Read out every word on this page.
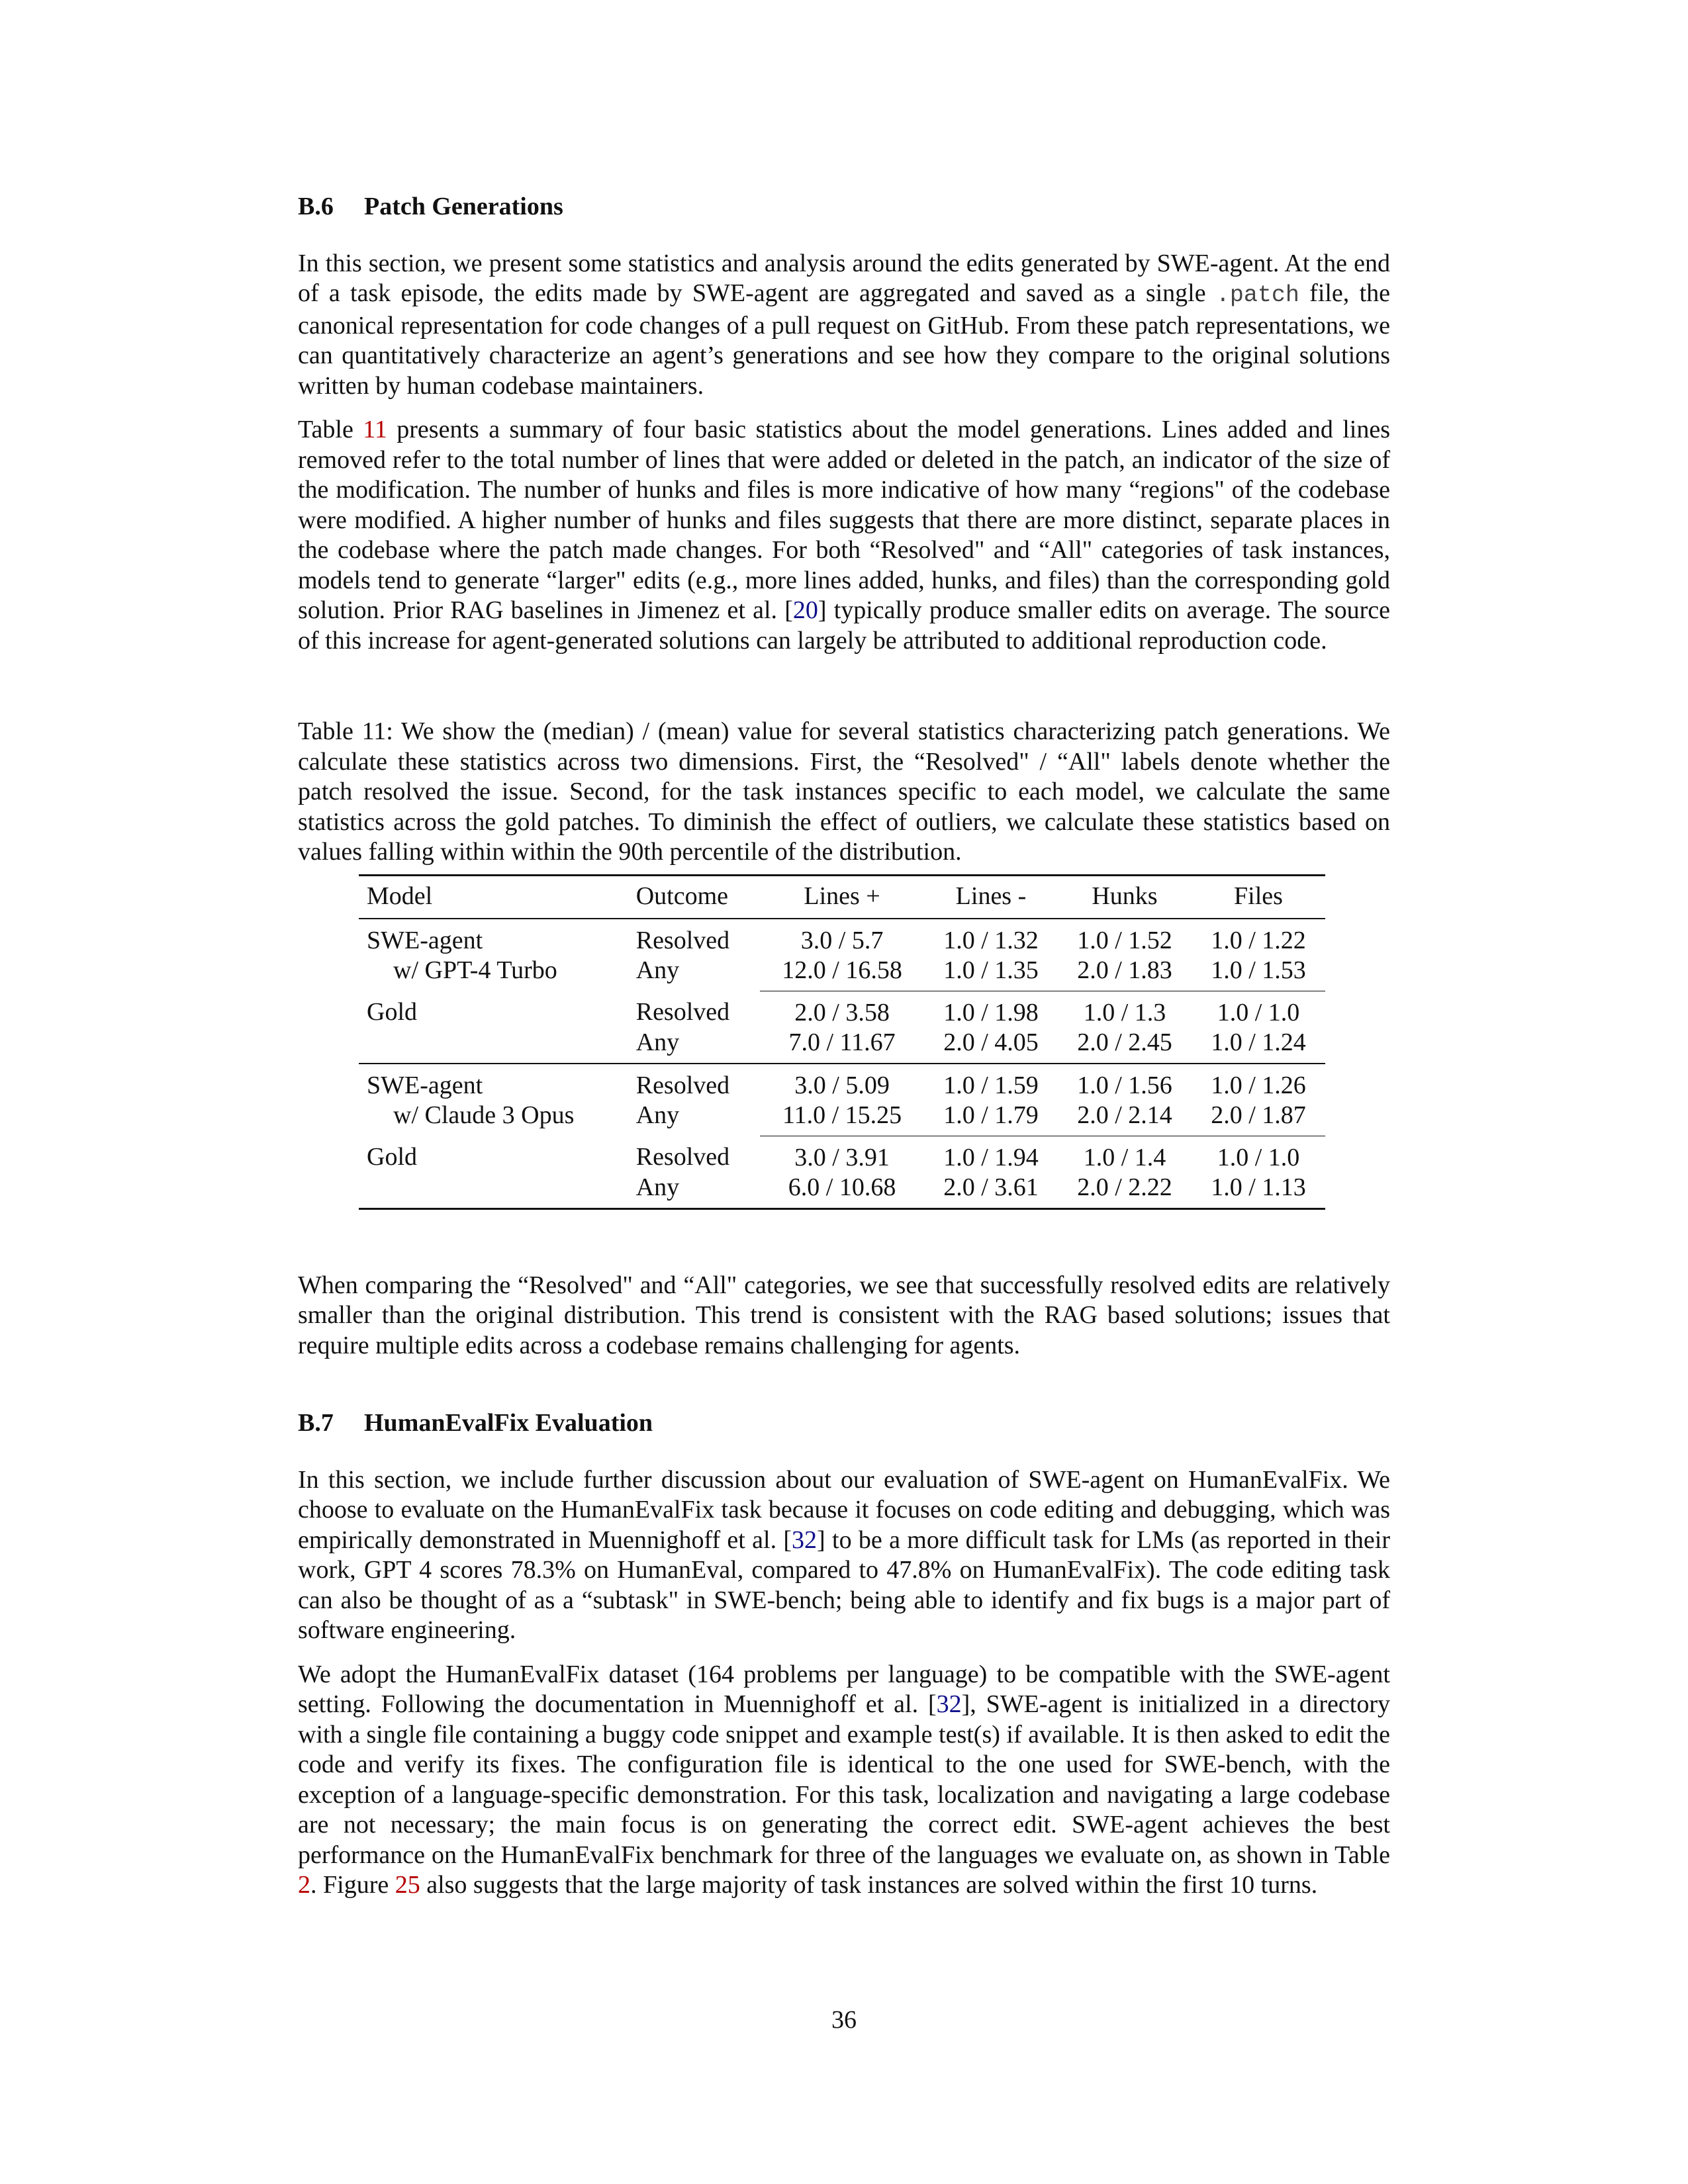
B.6	Patch Generations

In this section, we present some statistics and analysis around the edits generated by SWE-agent. At the end of a task episode, the edits made by SWE-agent are aggregated and saved as a single .patch file, the canonical representation for code changes of a pull request on GitHub. From these patch representations, we can quantitatively characterize an agent’s generations and see how they compare to the original solutions written by human codebase maintainers.

Table 11 presents a summary of four basic statistics about the model generations. Lines added and lines removed refer to the total number of lines that were added or deleted in the patch, an indicator of the size of the modification. The number of hunks and files is more indicative of how many “regions" of the codebase were modified. A higher number of hunks and files suggests that there are more distinct, separate places in the codebase where the patch made changes. For both “Resolved" and “All" categories of task instances, models tend to generate “larger" edits (e.g., more lines added, hunks, and files) than the corresponding gold solution. Prior RAG baselines in Jimenez et al. [20] typically produce smaller edits on average. The source of this increase for agent-generated solutions can largely be attributed to additional reproduction code.

Table 11: We show the (median) / (mean) value for several statistics characterizing patch generations. We calculate these statistics across two dimensions. First, the “Resolved" / “All" labels denote whether the patch resolved the issue. Second, for the task instances specific to each model, we calculate the same statistics across the gold patches. To diminish the effect of outliers, we calculate these statistics based on values falling within within the 90th percentile of the distribution.

Model	Outcome	Lines +	Lines -	Hunks	Files
SWE-agent	Resolved	3.0 / 5.7	1.0 / 1.32	1.0 / 1.52	1.0 / 1.22
w/ GPT-4 Turbo	Any	12.0 / 16.58	1.0 / 1.35	2.0 / 1.83	1.0 / 1.53
Gold	Resolved	2.0 / 3.58	1.0 / 1.98	1.0 / 1.3	1.0 / 1.0
	Any	7.0 / 11.67	2.0 / 4.05	2.0 / 2.45	1.0 / 1.24
SWE-agent	Resolved	3.0 / 5.09	1.0 / 1.59	1.0 / 1.56	1.0 / 1.26
w/ Claude 3 Opus	Any	11.0 / 15.25	1.0 / 1.79	2.0 / 2.14	2.0 / 1.87
Gold	Resolved	3.0 / 3.91	1.0 / 1.94	1.0 / 1.4	1.0 / 1.0
	Any	6.0 / 10.68	2.0 / 3.61	2.0 / 2.22	1.0 / 1.13

When comparing the “Resolved" and “All" categories, we see that successfully resolved edits are relatively smaller than the original distribution. This trend is consistent with the RAG based solutions; issues that require multiple edits across a codebase remains challenging for agents.

B.7	HumanEvalFix Evaluation

In this section, we include further discussion about our evaluation of SWE-agent on HumanEvalFix. We choose to evaluate on the HumanEvalFix task because it focuses on code editing and debugging, which was empirically demonstrated in Muennighoff et al. [32] to be a more difficult task for LMs (as reported in their work, GPT 4 scores 78.3% on HumanEval, compared to 47.8% on HumanEvalFix). The code editing task can also be thought of as a “subtask" in SWE-bench; being able to identify and fix bugs is a major part of software engineering.

We adopt the HumanEvalFix dataset (164 problems per language) to be compatible with the SWE-agent setting. Following the documentation in Muennighoff et al. [32], SWE-agent is initialized in a directory with a single file containing a buggy code snippet and example test(s) if available. It is then asked to edit the code and verify its fixes. The configuration file is identical to the one used for SWE-bench, with the exception of a language-specific demonstration. For this task, localization and navigating a large codebase are not necessary; the main focus is on generating the correct edit. SWE-agent achieves the best performance on the HumanEvalFix benchmark for three of the languages we evaluate on, as shown in Table 2. Figure 25 also suggests that the large majority of task instances are solved within the first 10 turns.

36
